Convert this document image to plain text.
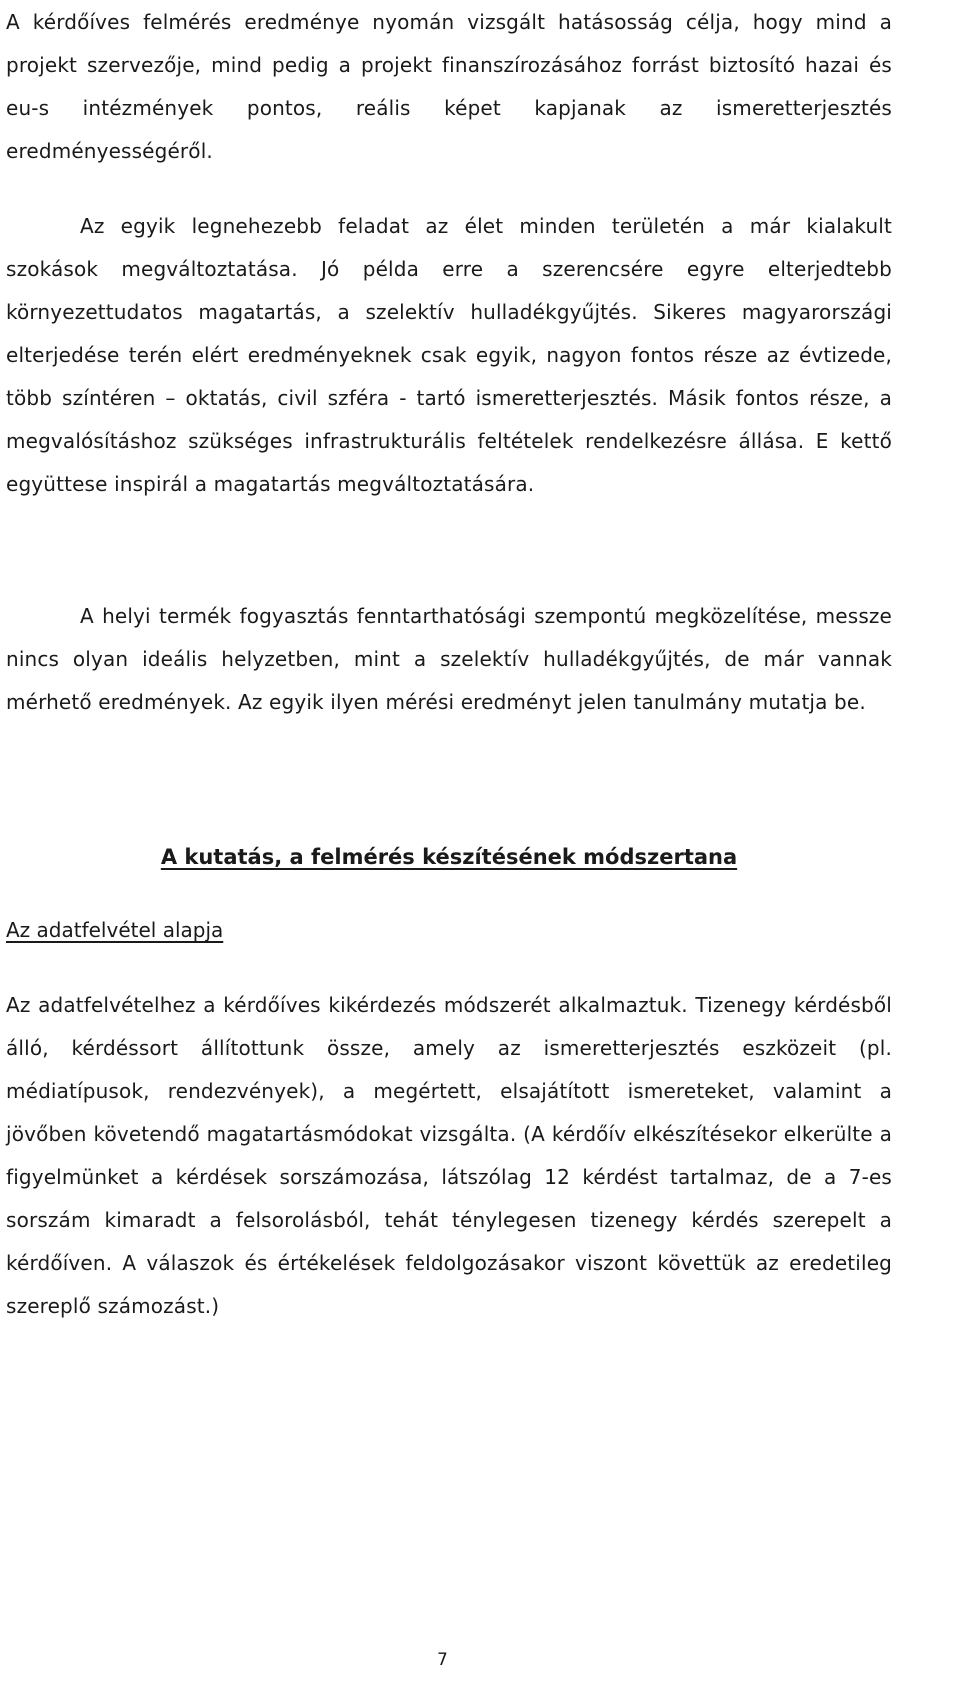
A kérdőíves felmérés eredménye nyomán vizsgált hatásosság célja, hogy mind a projekt szervezője, mind pedig a projekt finanszírozásához forrást biztosító hazai és eu-s intézmények pontos, reális képet kapjanak az ismeretterjesztés eredményességéről.

Az egyik legnehezebb feladat az élet minden területén a már kialakult szokások megváltoztatása. Jó példa erre a szerencsére egyre elterjedtebb környezettudatos magatartás, a szelektív hulladékgyűjtés. Sikeres magyarországi elterjedése terén elért eredményeknek csak egyik, nagyon fontos része az évtizede, több színtéren – oktatás, civil szféra - tartó ismeretterjesztés. Másik fontos része, a megvalósításhoz szükséges infrastrukturális feltételek rendelkezésre állása. E kettő együttese inspirál a magatartás megváltoztatására.

A helyi termék fogyasztás fenntarthatósági szempontú megközelítése, messze nincs olyan ideális helyzetben, mint a szelektív hulladékgyűjtés, de már vannak mérhető eredmények. Az egyik ilyen mérési eredményt jelen tanulmány mutatja be.

A kutatás, a felmérés készítésének módszertana
Az adatfelvétel alapja

Az adatfelvételhez a kérdőíves kikérdezés módszerét alkalmaztuk. Tizenegy kérdésből álló, kérdéssort állítottunk össze, amely az ismeretterjesztés eszközeit (pl. médiatípusok, rendezvények), a megértett, elsajátított ismereteket, valamint a jövőben követendő magatartásmódokat vizsgálta. (A kérdőív elkészítésekor elkerülte a figyelmünket a kérdések sorszámozása, látszólag 12 kérdést tartalmaz, de a 7-es sorszám kimaradt a felsorolásból, tehát ténylegesen tizenegy kérdés szerepelt a kérdőíven. A válaszok és értékelések feldolgozásakor viszont követtük az eredetileg szereplő számozást.)

7
